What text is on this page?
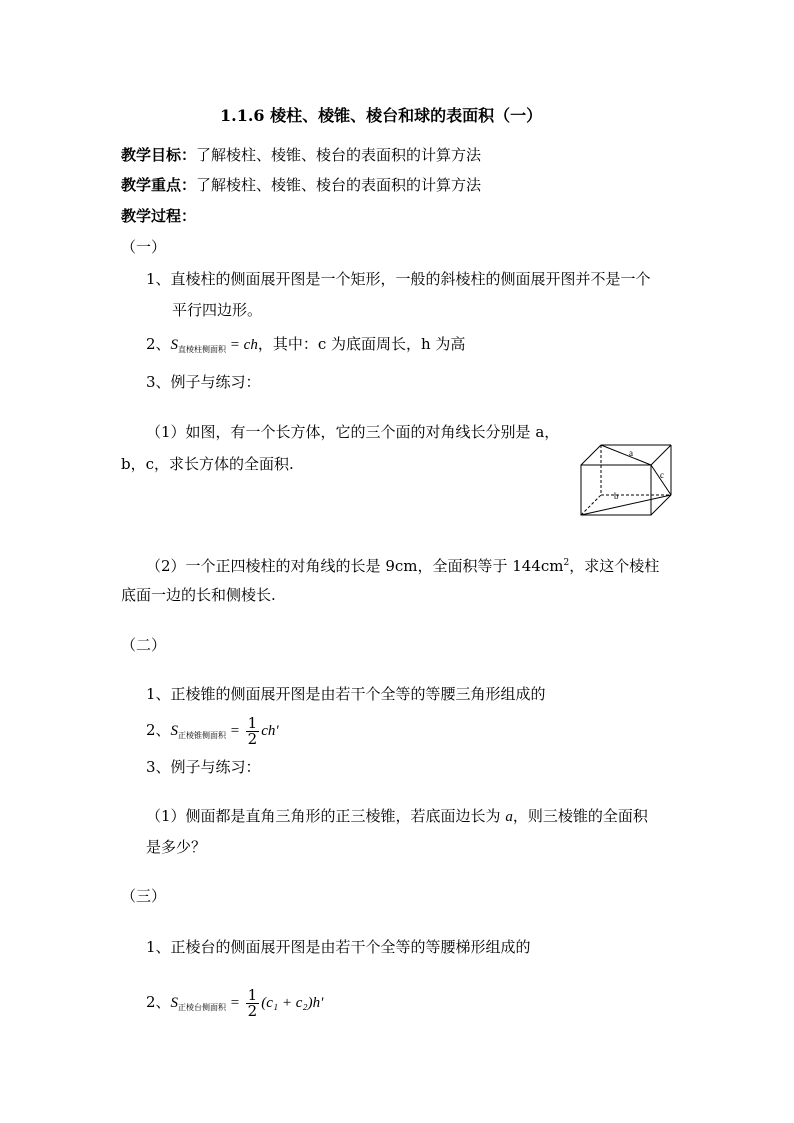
1.1.6 棱柱、棱锥、棱台和球的表面积（一）
教学目标：了解棱柱、棱锥、棱台的表面积的计算方法
教学重点：了解棱柱、棱锥、棱台的表面积的计算方法
教学过程：
（一）
1、直棱柱的侧面展开图是一个矩形，一般的斜棱柱的侧面展开图并不是一个
平行四边形。
2、$S_{直棱柱侧面积}$ = ch，其中：c 为底面周长，h 为高
3、例子与练习：
（1）如图，有一个长方体，它的三个面的对角线长分别是 a，
b，c，求长方体的全面积.
a
b
c
（2）一个正四棱柱的对角线的长是 9cm，全面积等于 $144cm^2$，求这个棱柱
底面一边的长和侧棱长.
（二）
1、正棱锥的侧面展开图是由若干个全等的等腰三角形组成的
2、$S_{正棱锥侧面积} = \frac{1}{2} ch'$
3、例子与练习：
（1）侧面都是直角三角形的正三棱锥，若底面边长为 a，则三棱锥的全面积
是多少？
（三）
1、正棱台的侧面展开图是由若干个全等的等腰梯形组成的
2、$S_{正棱台侧面积} = \frac{1}{2} (c_1 + c_2)h'$
